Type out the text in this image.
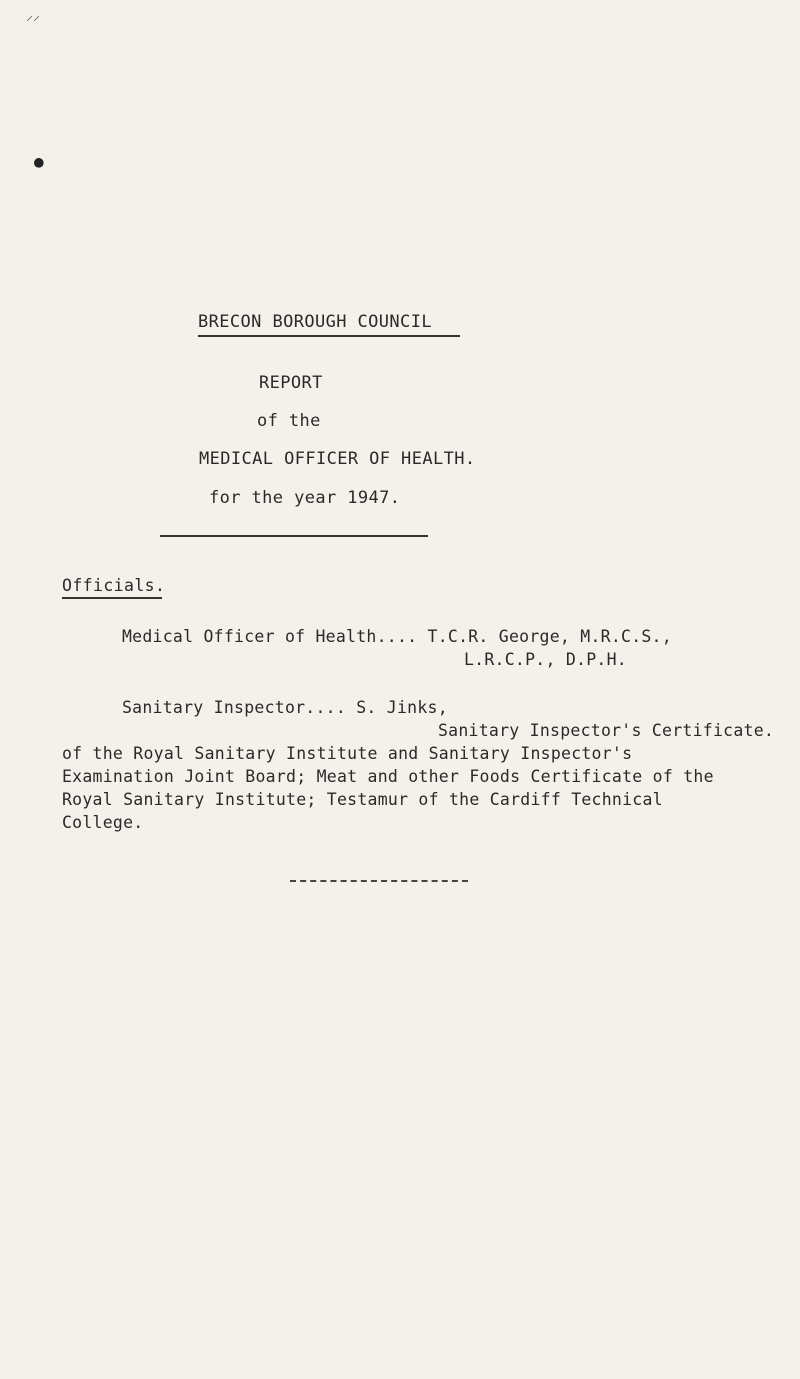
⸝⸝
●
BRECON BOROUGH COUNCIL
REPORT
of the
MEDICAL OFFICER OF HEALTH.
for the year 1947.
Officials.
Medical Officer of Health.... T.C.R. George, M.R.C.S.,
L.R.C.P., D.P.H.
Sanitary Inspector.... S. Jinks,
Sanitary Inspector's Certificate.
of the Royal Sanitary Institute and Sanitary Inspector's
Examination Joint Board; Meat and other Foods Certificate of the
Royal Sanitary Institute; Testamur of the Cardiff Technical
College.
